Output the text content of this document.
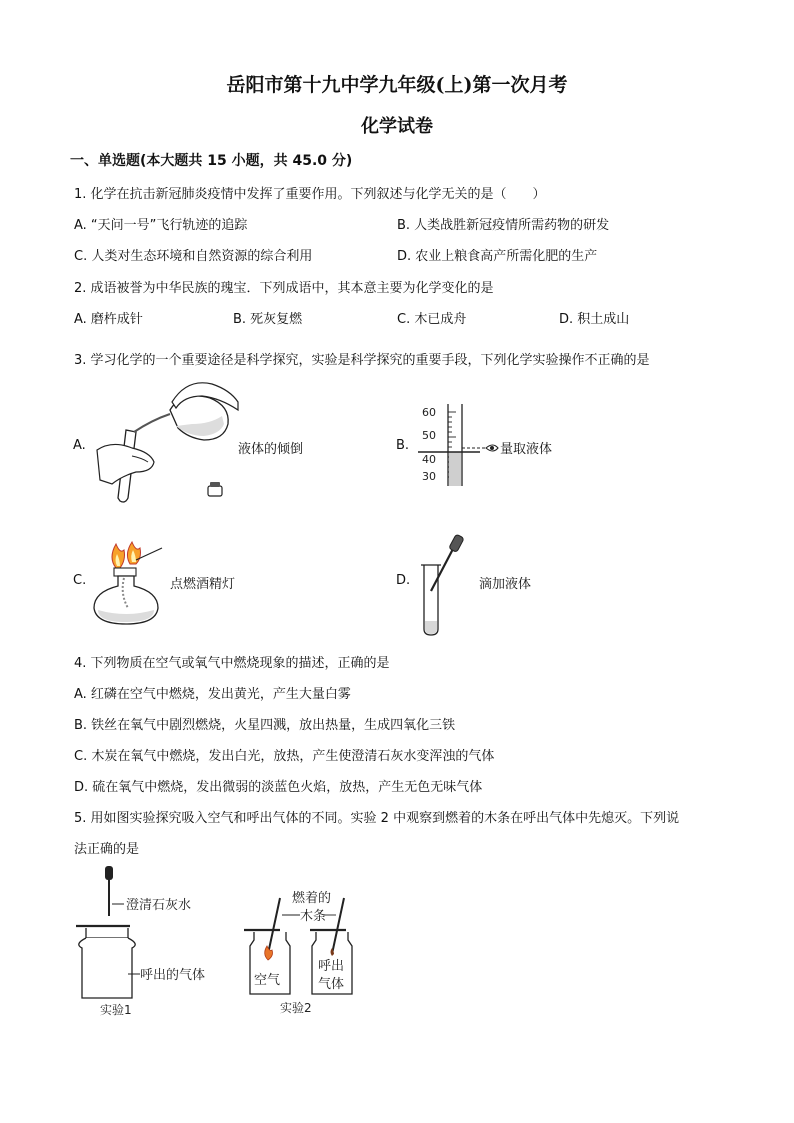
岳阳市第十九中学九年级(上)第一次月考
化学试卷
一、单选题(本大题共 15 小题，共 45.0 分)
1. 化学在抗击新冠肺炎疫情中发挥了重要作用。下列叙述与化学无关的是（　　）
A. “天问一号”飞行轨迹的追踪	B. 人类战胜新冠疫情所需药物的研发
C. 人类对生态环境和自然资源的综合利用	D. 农业上粮食高产所需化肥的生产
2. 成语被誉为中华民族的瑰宝．下列成语中，其本意主要为化学变化的是
A. 磨杵成针	B. 死灰复燃	C. 木已成舟	D. 积土成山
3. 学习化学的一个重要途径是科学探究，实验是科学探究的重要手段，下列化学实验操作不正确的是
A.	液体的倾倒	B.
60
50
40
30
量取液体
C.	点燃酒精灯	D.	滴加液体
4. 下列物质在空气或氧气中燃烧现象的描述，正确的是
A. 红磷在空气中燃烧，发出黄光，产生大量白雾
B. 铁丝在氧气中剧烈燃烧，火星四溅，放出热量，生成四氧化三铁
C. 木炭在氧气中燃烧，发出白光，放热，产生使澄清石灰水变浑浊的气体
D. 硫在氧气中燃烧，发出微弱的淡蓝色火焰，放热，产生无色无味气体
5. 用如图实验探究吸入空气和呼出气体的不同。实验 2 中观察到燃着的木条在呼出气体中先熄灭。下列说
法正确的是
澄清石灰水
呼出的气体
实验1
燃着的
木条
空气
呼出
气体
实验2
